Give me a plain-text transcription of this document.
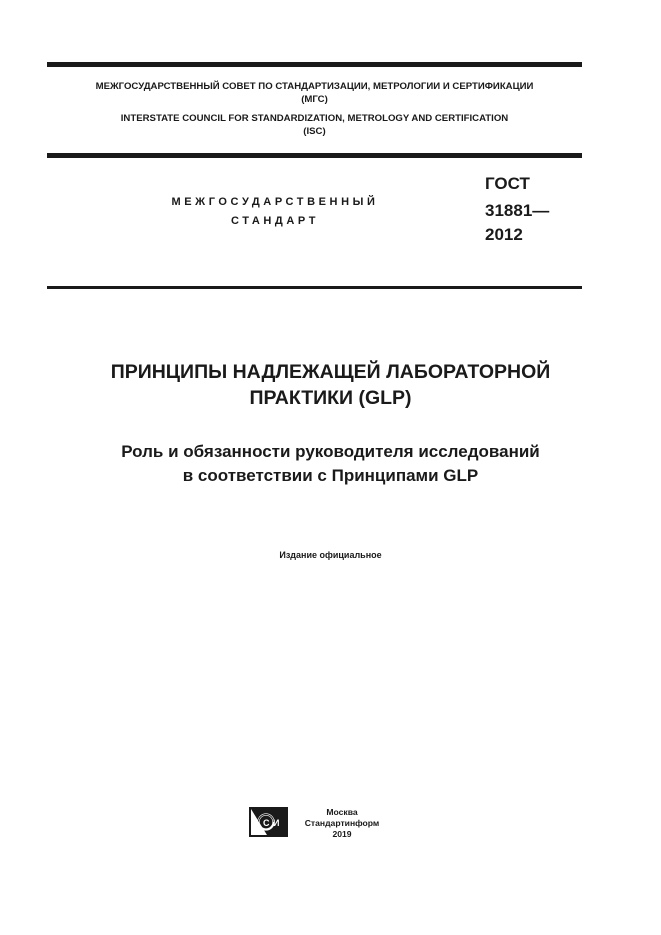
МЕЖГОСУДАРСТВЕННЫЙ СОВЕТ ПО СТАНДАРТИЗАЦИИ, МЕТРОЛОГИИ И СЕРТИФИКАЦИИ
(МГС)
INTERSTATE COUNCIL FOR STANDARDIZATION, METROLOGY AND CERTIFICATION
(ISC)
МЕЖГОСУДАРСТВЕННЫЙ
СТАНДАРТ
ГОСТ
31881—
2012
ПРИНЦИПЫ НАДЛЕЖАЩЕЙ ЛАБОРАТОРНОЙ
ПРАКТИКИ (GLP)
Роль и обязанности руководителя исследований
в соответствии с Принципами GLP
Издание официальное
C И
Москва
Стандартинформ
2019
